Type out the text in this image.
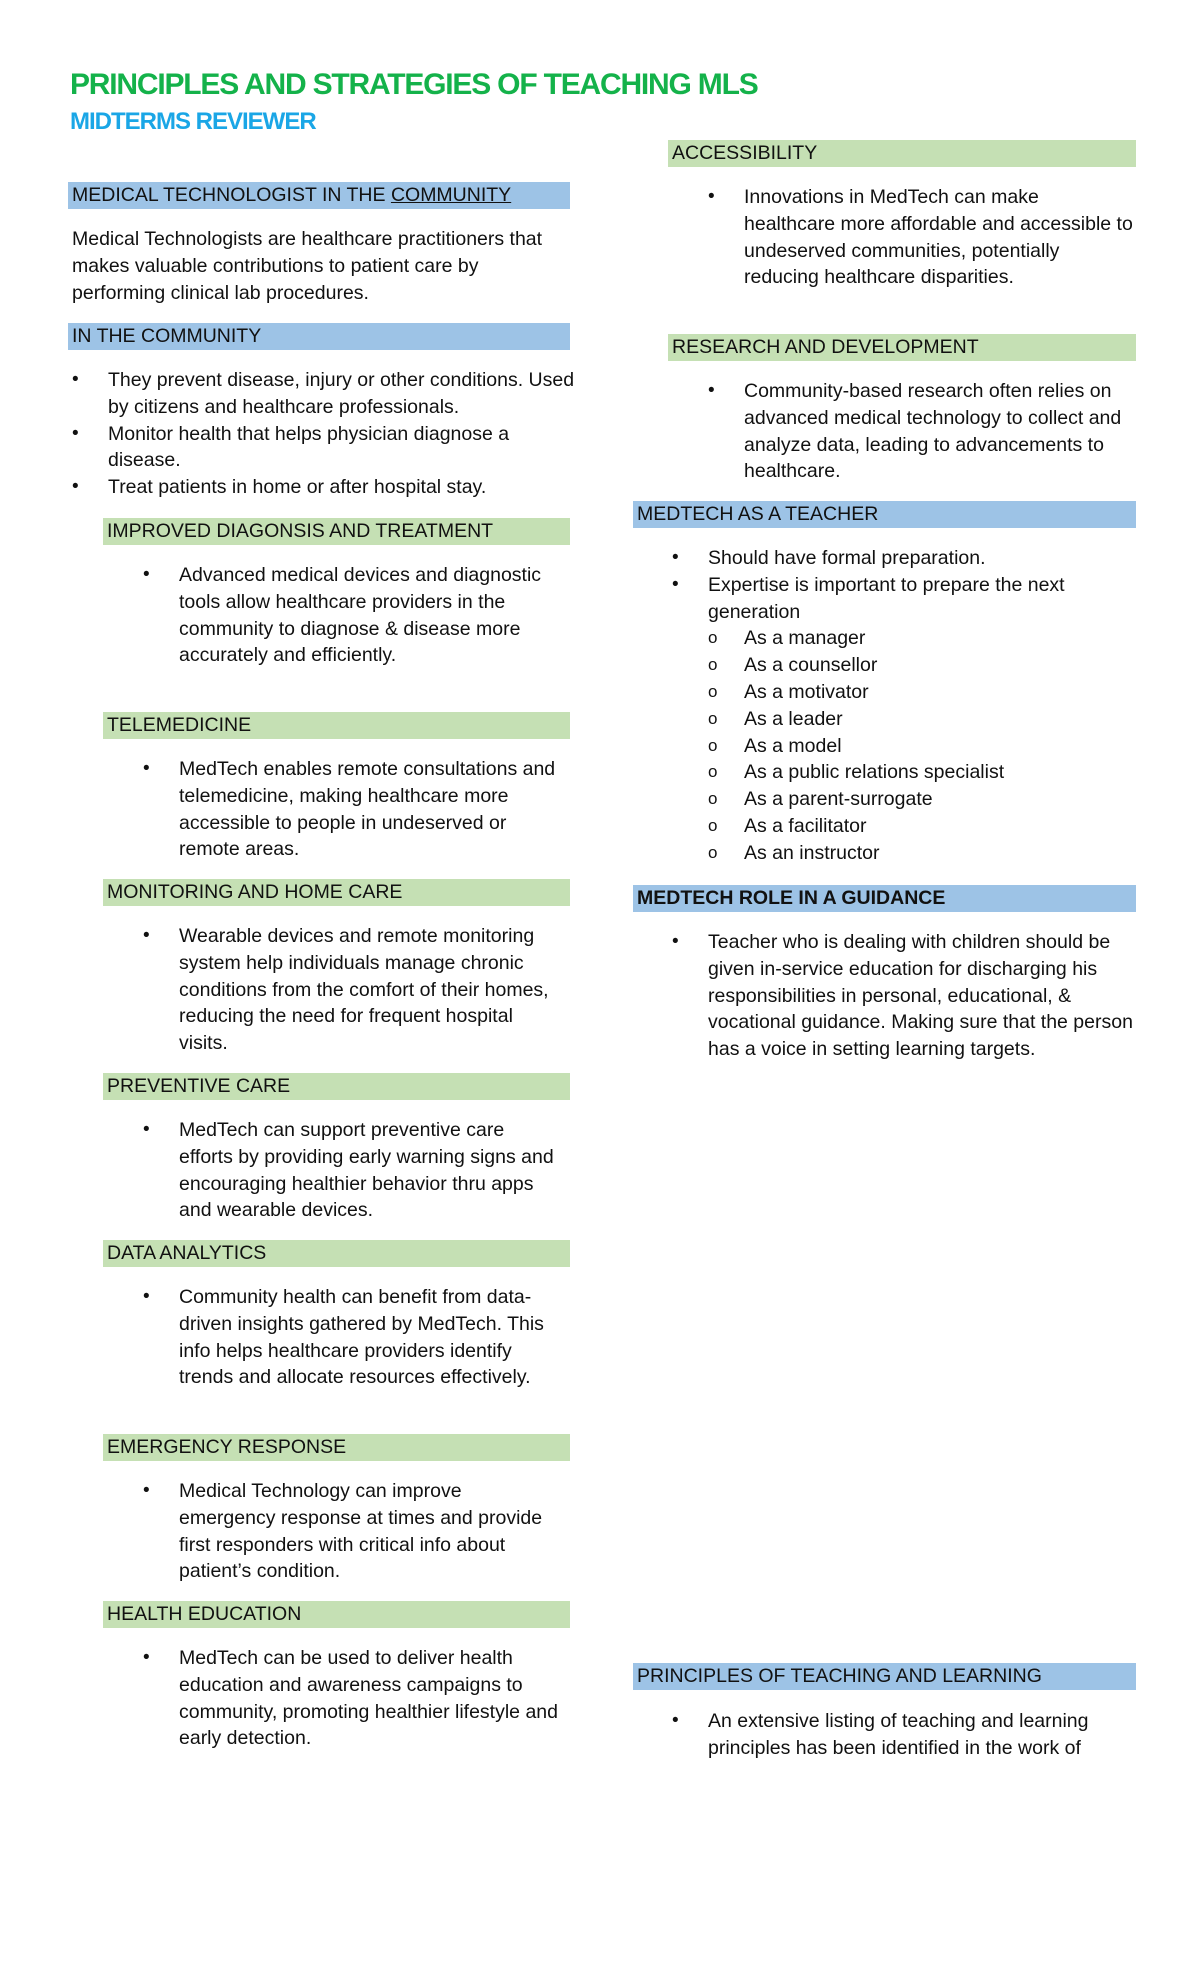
PRINCIPLES AND STRATEGIES OF TEACHING MLS
MIDTERMS REVIEWER
MEDICAL TECHNOLOGIST IN THE COMMUNITY

Medical Technologists are healthcare practitioners that makes valuable contributions to patient care by performing clinical lab procedures.

IN THE COMMUNITY
• They prevent disease, injury or other conditions. Used by citizens and healthcare professionals.
• Monitor health that helps physician diagnose a disease.
• Treat patients in home or after hospital stay.
IMPROVED DIAGONSIS AND TREATMENT
• Advanced medical devices and diagnostic tools allow healthcare providers in the community to diagnose & disease more accurately and efficiently.
TELEMEDICINE
• MedTech enables remote consultations and telemedicine, making healthcare more accessible to people in undeserved or remote areas.
MONITORING AND HOME CARE
• Wearable devices and remote monitoring system help individuals manage chronic conditions from the comfort of their homes, reducing the need for frequent hospital visits.
PREVENTIVE CARE
• MedTech can support preventive care efforts by providing early warning signs and encouraging healthier behavior thru apps and wearable devices.
DATA ANALYTICS
• Community health can benefit from data-driven insights gathered by MedTech. This info helps healthcare providers identify trends and allocate resources effectively.
EMERGENCY RESPONSE
• Medical Technology can improve emergency response at times and provide first responders with critical info about patient’s condition.
HEALTH EDUCATION
• MedTech can be used to deliver health education and awareness campaigns to community, promoting healthier lifestyle and early detection.
ACCESSIBILITY
• Innovations in MedTech can make healthcare more affordable and accessible to undeserved communities, potentially reducing healthcare disparities.
RESEARCH AND DEVELOPMENT
• Community-based research often relies on advanced medical technology to collect and analyze data, leading to advancements to healthcare.
MEDTECH AS A TEACHER
• Should have formal preparation.
• Expertise is important to prepare the next generation
o As a manager
o As a counsellor
o As a motivator
o As a leader
o As a model
o As a public relations specialist
o As a parent-surrogate
o As a facilitator
o As an instructor
MEDTECH ROLE IN A GUIDANCE
• Teacher who is dealing with children should be given in-service education for discharging his responsibilities in personal, educational, & vocational guidance. Making sure that the person has a voice in setting learning targets.
PRINCIPLES OF TEACHING AND LEARNING
• An extensive listing of teaching and learning principles has been identified in the work of
